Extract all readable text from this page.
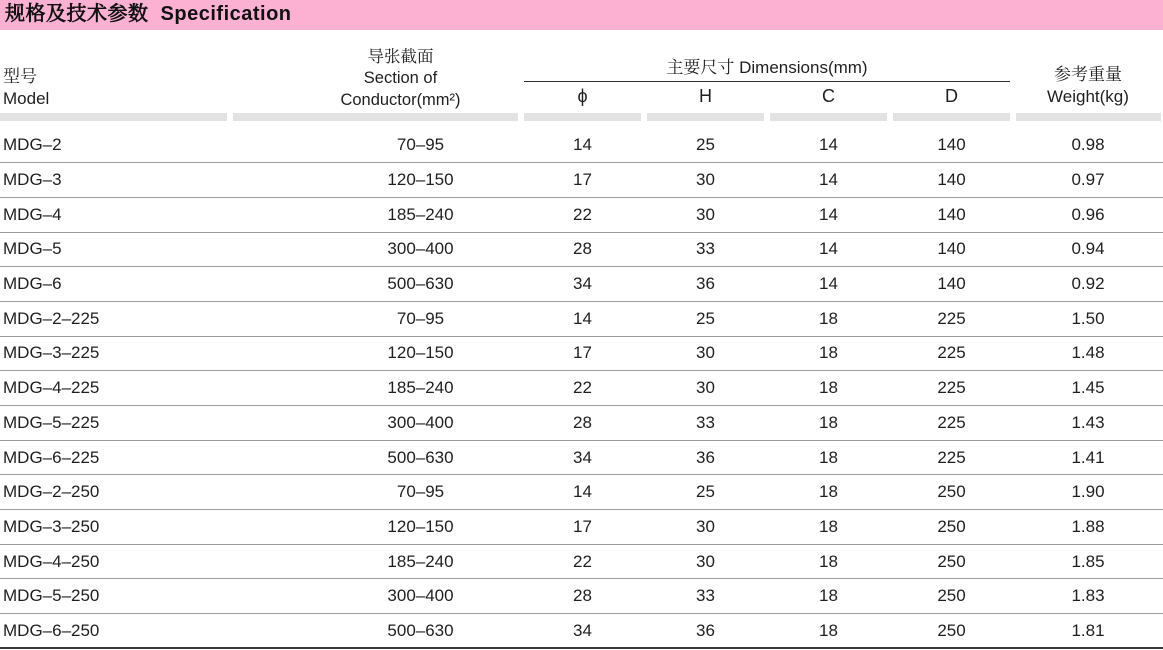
规格及技术参数 Specification
型号
Model

导张截面
Section of
Conductor(mm²)

主要尺寸 Dimensions(mm)	参考重量
Weight(kg)

		ϕ	H	C	D	

MDG–2	70–95	14	25	14	140	0.98
MDG–3	120–150	17	30	14	140	0.97
MDG–4	185–240	22	30	14	140	0.96
MDG–5	300–400	28	33	14	140	0.94
MDG–6	500–630	34	36	14	140	0.92
MDG–2–225	70–95	14	25	18	225	1.50
MDG–3–225	120–150	17	30	18	225	1.48
MDG–4–225	185–240	22	30	18	225	1.45
MDG–5–225	300–400	28	33	18	225	1.43
MDG–6–225	500–630	34	36	18	225	1.41
MDG–2–250	70–95	14	25	18	250	1.90
MDG–3–250	120–150	17	30	18	250	1.88
MDG–4–250	185–240	22	30	18	250	1.85
MDG–5–250	300–400	28	33	18	250	1.83
MDG–6–250	500–630	34	36	18	250	1.81
